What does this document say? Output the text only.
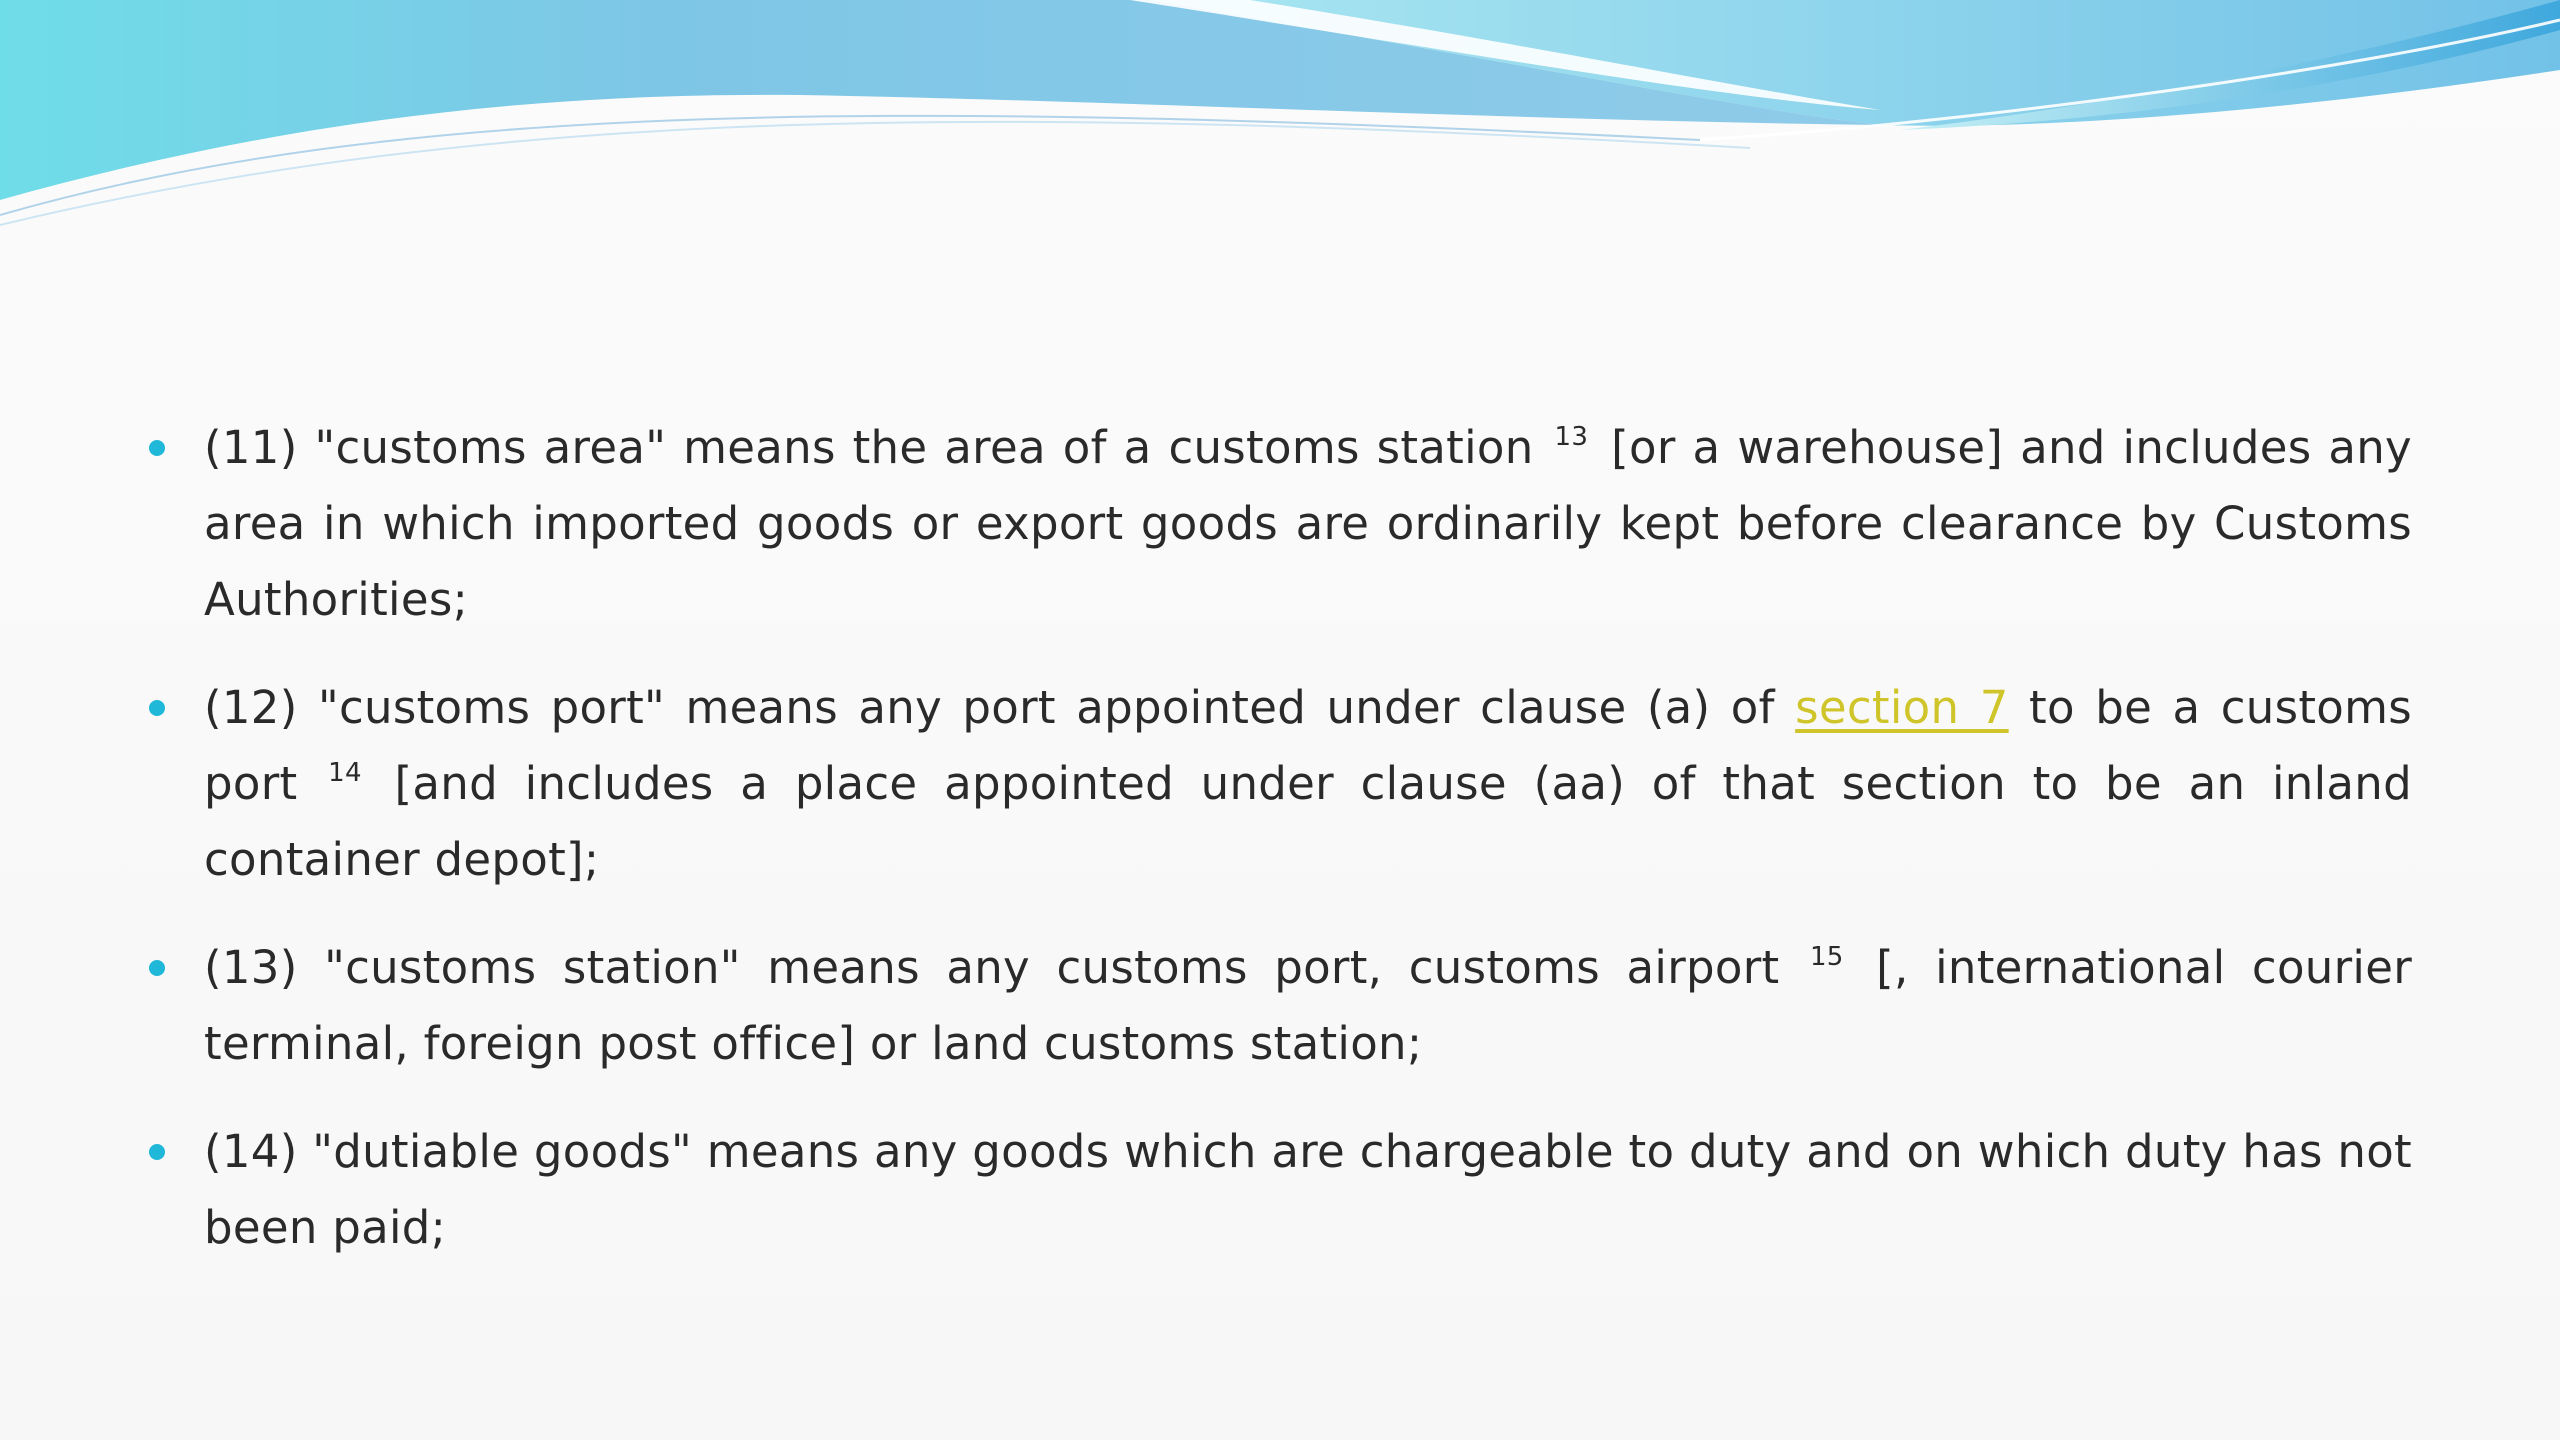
(11) "customs area" means the area of a customs station $^{13}$ [or a warehouse] and includes any area in which imported goods or export goods are ordinarily kept before clearance by Customs Authorities;
(12) "customs port" means any port appointed under clause (a) of section 7 to be a customs port $^{14}$ [and includes a place appointed under clause (aa) of that section to be an inland container depot];
(13) "customs station" means any customs port, customs airport $^{15}$ [, international courier terminal, foreign post office] or land customs station;
(14) "dutiable goods" means any goods which are chargeable to duty and on which duty has not been paid;
